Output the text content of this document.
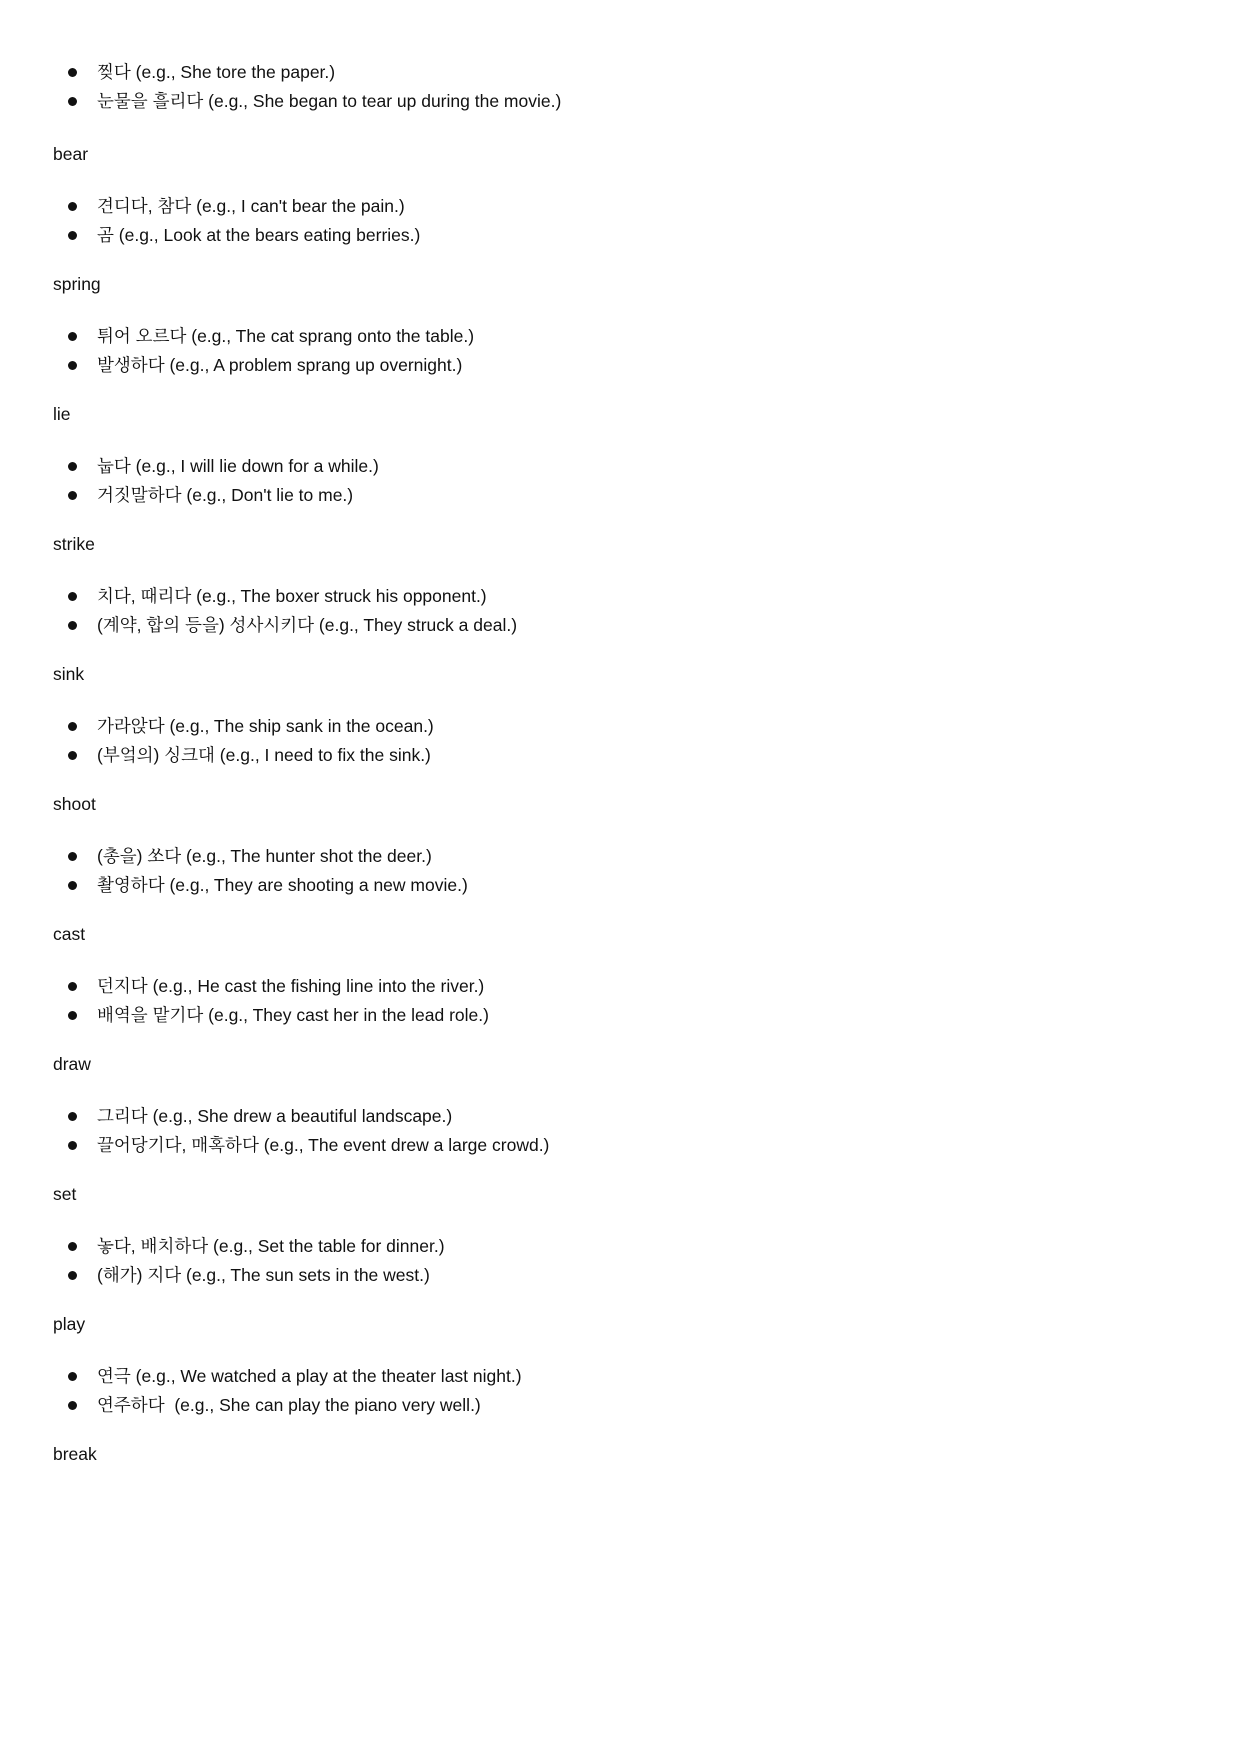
찢다 (e.g., She tore the paper.)
눈물을 흘리다 (e.g., She began to tear up during the movie.)
bear
견디다, 참다 (e.g., I can't bear the pain.)
곰 (e.g., Look at the bears eating berries.)
spring
튀어 오르다 (e.g., The cat sprang onto the table.)
발생하다 (e.g., A problem sprang up overnight.)
lie
눕다 (e.g., I will lie down for a while.)
거짓말하다 (e.g., Don't lie to me.)
strike
치다, 때리다 (e.g., The boxer struck his opponent.)
(계약, 합의 등을) 성사시키다 (e.g., They struck a deal.)
sink
가라앉다 (e.g., The ship sank in the ocean.)
(부엌의) 싱크대 (e.g., I need to fix the sink.)
shoot
(총을) 쏘다 (e.g., The hunter shot the deer.)
촬영하다 (e.g., They are shooting a new movie.)
cast
던지다 (e.g., He cast the fishing line into the river.)
배역을 맡기다 (e.g., They cast her in the lead role.)
draw
그리다 (e.g., She drew a beautiful landscape.)
끌어당기다, 매혹하다 (e.g., The event drew a large crowd.)
set
놓다, 배치하다 (e.g., Set the table for dinner.)
(해가) 지다 (e.g., The sun sets in the west.)
play
연극 (e.g., We watched a play at the theater last night.)
연주하다  (e.g., She can play the piano very well.)
break
